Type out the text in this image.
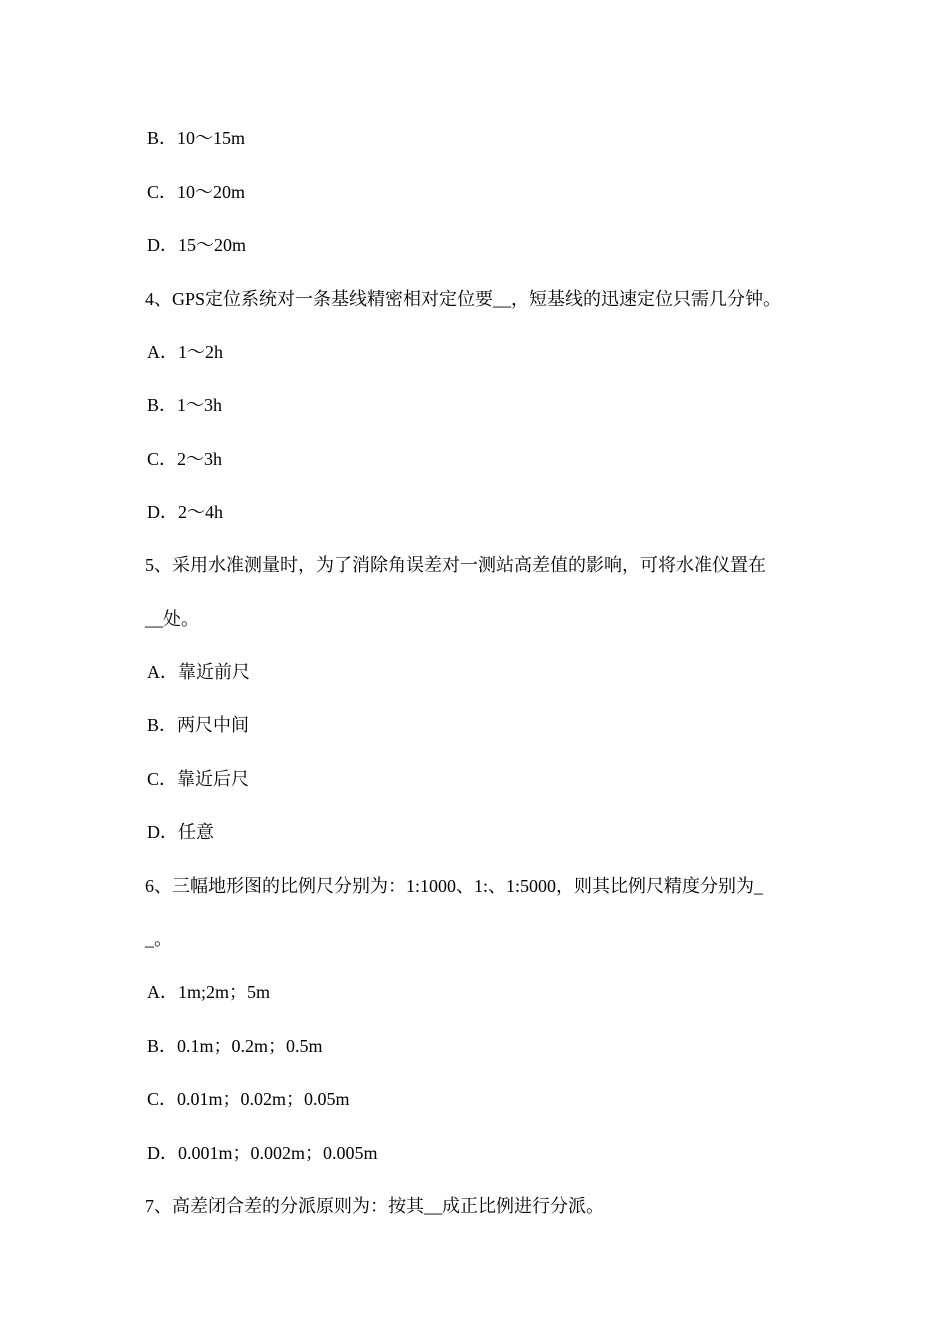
B．10～15m
C．10～20m
D．15～20m
4、GPS定位系统对一条基线精密相对定位要__，短基线的迅速定位只需几分钟。
A．1～2h
B．1～3h
C．2～3h
D．2～4h
5、采用水准测量时，为了消除角误差对一测站高差值的影响，可将水准仪置在
__处。
A．靠近前尺
B．两尺中间
C．靠近后尺
D．任意
6、三幅地形图的比例尺分别为：1:1000、1:、1:5000，则其比例尺精度分别为_
_。
A．1m;2m；5m
B．0.1m；0.2m；0.5m
C．0.01m；0.02m；0.05m
D．0.001m；0.002m；0.005m
7、高差闭合差的分派原则为：按其__成正比例进行分派。
